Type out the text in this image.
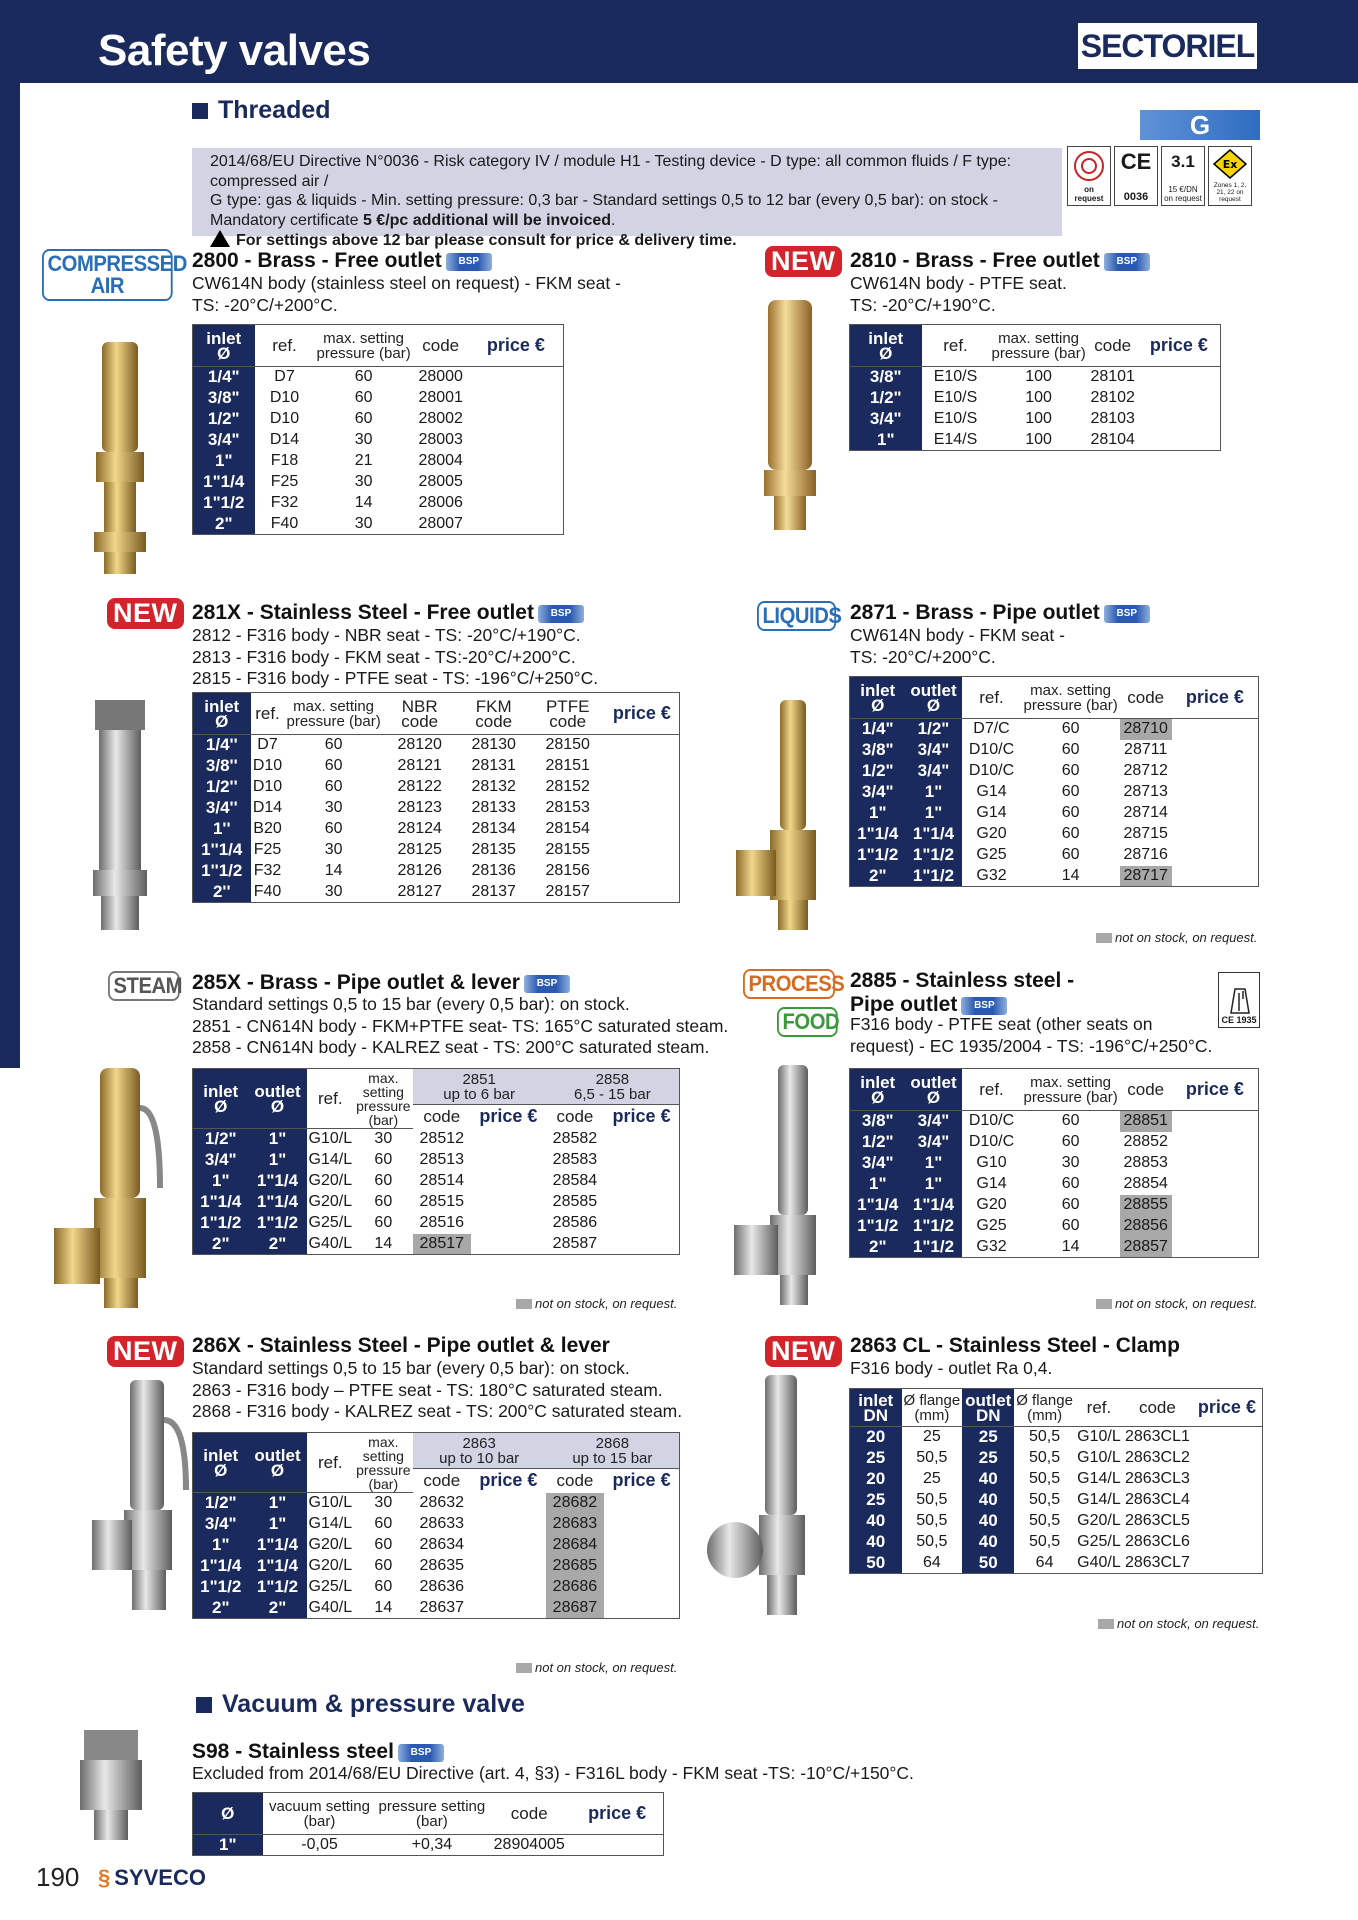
Safety valves	SECTORIEL
Threaded	G
2014/68/EU Directive N°0036 - Risk category IV / module H1 - Testing device - D type: all common fluids / F type: compressed air /
G type: gas & liquids - Min. setting pressure: 0,3 bar - Standard settings 0,5 to 12 bar (every 0,5 bar): on stock -
Mandatory certificate 5 €/pc additional will be invoiced.
For settings above 12 bar please consult for price & delivery time.
on request
CE
0036
3.1
15 €/DN on request
Ex
Zones 1, 2, 21, 22 on request
COMPRESSED AIR
NEW
NEW	LIQUIDS
STEAM	PROCESS
FOOD
NEW	NEW
2800 - Brass - Free outlet BSP
CW614N body (stainless steel on request) - FKM seat -
TS: -20°C/+200°C.
inlet
Ø	ref.	max. setting
pressure (bar)	code	price €
1/4"	D7	60	28000	
3/8"	D10	60	28001	
1/2"	D10	60	28002	
3/4"	D14	30	28003	
1"	F18	21	28004	
1"1/4	F25	30	28005	
1"1/2	F32	14	28006	
2"	F40	30	28007	
2810 - Brass - Free outlet BSP
CW614N body - PTFE seat.
TS: -20°C/+190°C.
inlet
Ø	ref.	max. setting
pressure (bar)	code	price €
3/8"	E10/S	100	28101	
1/2"	E10/S	100	28102	
3/4"	E10/S	100	28103	
1"	E14/S	100	28104	
281X - Stainless Steel - Free outlet BSP
2812 - F316 body - NBR seat - TS: -20°C/+190°C.
2813 - F316 body - FKM seat - TS:-20°C/+200°C.
2815 - F316 body - PTFE seat - TS: -196°C/+250°C.
inlet
Ø	ref.	max. setting
pressure (bar)	NBR
code	FKM
code	PTFE
code	price €
1/4''	D7	60	28120	28130	28150	
3/8''	D10	60	28121	28131	28151	
1/2''	D10	60	28122	28132	28152	
3/4''	D14	30	28123	28133	28153	
1''	B20	60	28124	28134	28154	
1''1/4	F25	30	28125	28135	28155	
1''1/2	F32	14	28126	28136	28156	
2''	F40	30	28127	28137	28157	
2871 - Brass - Pipe outlet BSP
CW614N body - FKM seat -
TS: -20°C/+200°C.
inlet
Ø	outlet
Ø	ref.	max. setting
pressure (bar)	code	price €
1/4"	1/2"	D7/C	60	28710	
3/8"	3/4"	D10/C	60	28711	
1/2"	3/4"	D10/C	60	28712	
3/4"	1"	G14	60	28713	
1"	1"	G14	60	28714	
1"1/4	1"1/4	G20	60	28715	
1"1/2	1"1/2	G25	60	28716	
2"	1"1/2	G32	14	28717	
not on stock, on request.
285X - Brass - Pipe outlet & lever BSP
Standard settings 0,5 to 15 bar (every 0,5 bar): on stock.
2851 - CN614N body - FKM+PTFE seat- TS: 165°C saturated steam.
2858 - CN614N body - KALREZ seat - TS: 200°C saturated steam.
inlet
Ø	outlet
Ø	ref.	max.
setting
pressure
(bar)	2851
up to 6 bar		2858
6,5 - 15 bar	
				code	price €	code	price €
1/2"	1"	G10/L	30	28512		28582	
3/4"	1"	G14/L	60	28513		28583	
1"	1"1/4	G20/L	60	28514		28584	
1"1/4	1"1/4	G20/L	60	28515		28585	
1"1/2	1"1/2	G25/L	60	28516		28586	
2"	2"	G40/L	14	28517		28587	
not on stock, on request.
2885 - Stainless steel -
Pipe outlet BSP
F316 body - PTFE seat (other seats on
request) - EC 1935/2004 - TS: -196°C/+250°C.
CE 1935
inlet
Ø	outlet
Ø	ref.	max. setting
pressure (bar)	code	price €
3/8"	3/4"	D10/C	60	28851	
1/2"	3/4"	D10/C	60	28852	
3/4"	1"	G10	30	28853	
1"	1"	G14	60	28854	
1"1/4	1"1/4	G20	60	28855	
1"1/2	1"1/2	G25	60	28856	
2"	1"1/2	G32	14	28857	
not on stock, on request.
286X - Stainless Steel - Pipe outlet & lever
Standard settings 0,5 to 15 bar (every 0,5 bar): on stock.
2863 - F316 body – PTFE seat - TS: 180°C saturated steam.
2868 - F316 body - KALREZ seat - TS: 200°C saturated steam.
inlet
Ø	outlet
Ø	ref.	max.
setting
pressure
(bar)	2863
up to 10 bar		2868
up to 15 bar	
				code	price €	code	price €
1/2"	1"	G10/L	30	28632		28682	
3/4"	1"	G14/L	60	28633		28683	
1"	1"1/4	G20/L	60	28634		28684	
1"1/4	1"1/4	G20/L	60	28635		28685	
1"1/2	1"1/2	G25/L	60	28636		28686	
2"	2"	G40/L	14	28637		28687	
not on stock, on request.
2863 CL - Stainless Steel - Clamp
F316 body - outlet Ra 0,4.
inlet
DN	Ø flange
(mm)	outlet
DN	Ø flange
(mm)	ref.	code	price €
20	25	25	50,5	G10/L	2863CL1	
25	50,5	25	50,5	G10/L	2863CL2	
20	25	40	50,5	G14/L	2863CL3	
25	50,5	40	50,5	G14/L	2863CL4	
40	50,5	40	50,5	G20/L	2863CL5	
40	50,5	40	50,5	G25/L	2863CL6	
50	64	50	64	G40/L	2863CL7	
not on stock, on request.
Vacuum & pressure valve
S98 - Stainless steel BSP
Excluded from 2014/68/EU Directive (art. 4, §3) - F316L body - FKM seat -TS: -10°C/+150°C.
Ø	vacuum setting
(bar)	pressure setting
(bar)	code	price €
1"	-0,05	+0,34	28904005	
190 § SYVECO
